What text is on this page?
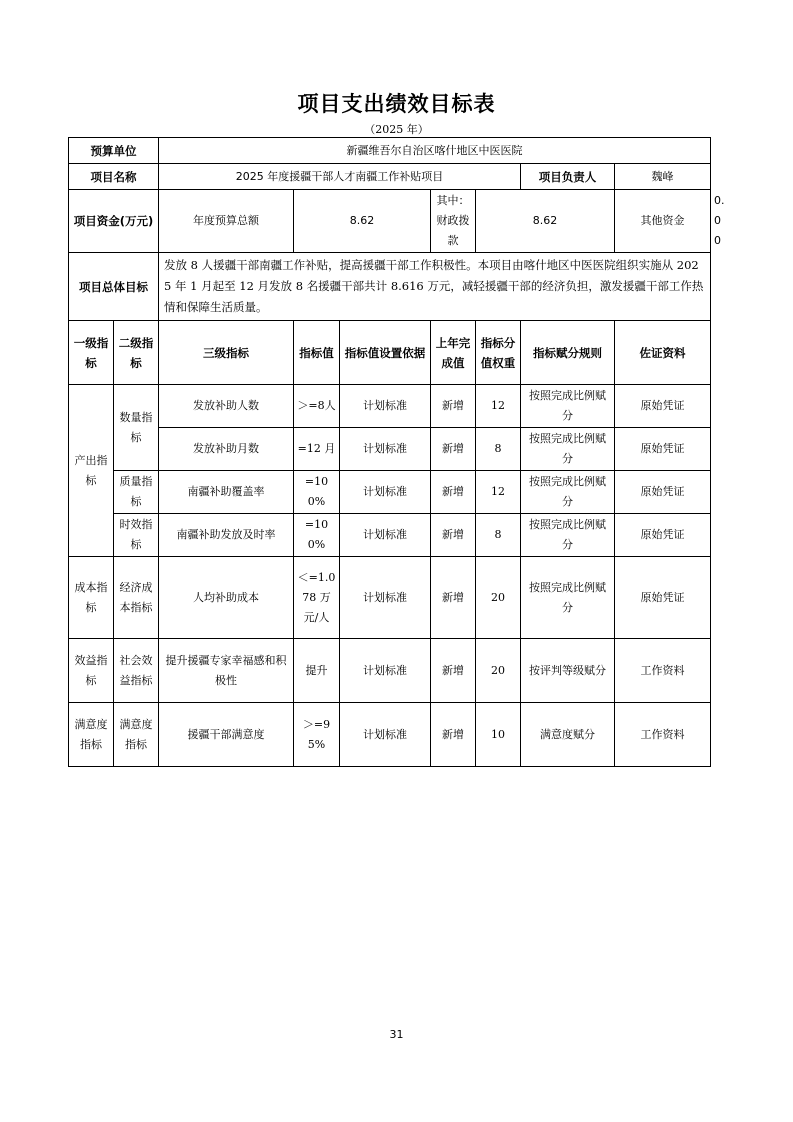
项目支出绩效目标表
（2025 年）
预算单位		新疆维吾尔自治区喀什地区中医医院							
项目名称		2025 年度援疆干部人才南疆工作补贴项目					项目负责人	魏峰	
项目资金(万元)		年度预算总额	8.62		其中：财政拨款	8.62		其他资金	0.00
项目总体目标		发放 8 人援疆干部南疆工作补贴，提高援疆干部工作积极性。本项目由喀什地区中医医院组织实施从 2025 年 1 月起至 12 月发放 8 名援疆干部共计 8.616 万元，减轻援疆干部的经济负担，激发援疆干部工作热情和保障生活质量。							
一级指标	二级指标	三级指标	指标值	指标值设置依据	上年完成值	指标分值权重	指标赋分规则	佐证资料	
产出指标	数量指标	发放补助人数	＞=8人	计划标准	新增	12	按照完成比例赋分	原始凭证	
		发放补助月数	=12 月	计划标准	新增	8	按照完成比例赋分	原始凭证	
	质量指标	南疆补助覆盖率	=100%	计划标准	新增	12	按照完成比例赋分	原始凭证	
	时效指标	南疆补助发放及时率	=100%	计划标准	新增	8	按照完成比例赋分	原始凭证	
成本指标	经济成本指标	人均补助成本	＜=1.078 万元/人	计划标准	新增	20	按照完成比例赋分	原始凭证	
效益指标	社会效益指标	提升援疆专家幸福感和积极性	提升	计划标准	新增	20	按评判等级赋分	工作资料	
满意度指标	满意度指标	援疆干部满意度	＞=95%	计划标准	新增	10	满意度赋分	工作资料	
31
